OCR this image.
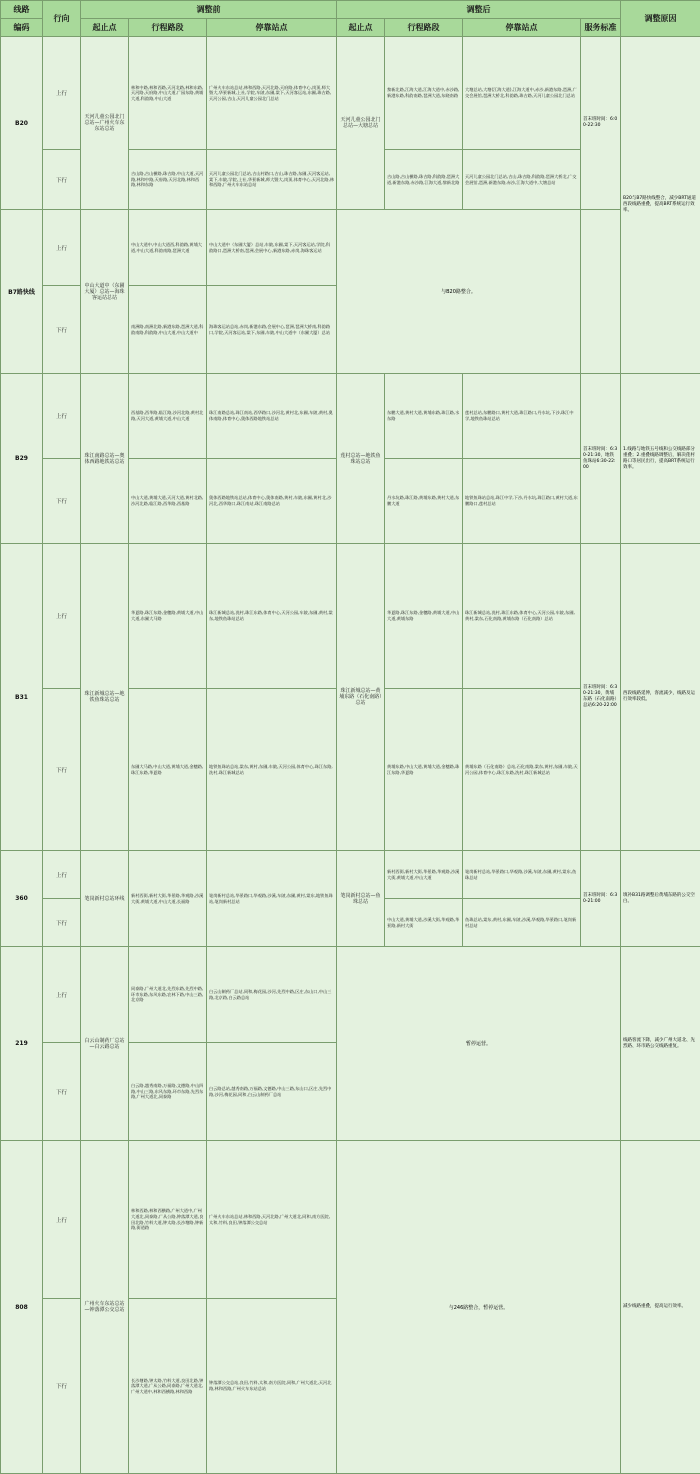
线路	行向	调整前			调整后				调整原因
编码		起止点	行程路段	停靠站点	起止点	行程路段	停靠站点	服务标准	
B20	上行	天河儿童公园北门总站—广州火车东东站总站	林和中路,林和西路,天河北路,林和东路,天河路,天府路,中山大道,广园东路,黄埔大道,科韵路,中山大道	广州火车东站总站,林和西路,天河北路,天府路,体育中心,岗顶,师大暨大,华景新城,上社,学院,车陂,东圃,棠下,天河客运站,东圃,珠吉路,天河公园,吉山,天河儿童公园北门总站	天河儿童公园北门总站—大塘总站	黎新北路,江海大道,江海大道中,赤沙路,新港东路,科韵南路,琶洲大道,东晓南路	大塘总站,大塘(江海大道),江海大道中,赤沙,新港东路,琶洲,广交会展馆,琶洲大桥北,科韵路,珠吉路,天河儿童公园北门总站	首末班时间：6:00-22:30	B20与B7路快线整合，减少BRT通道西段线路重叠，提高BRT系统运行效率。
	下行		吉山路,吉山横路,珠吉路,中山大道,天河路,林和中路,天府路,天河北路,林和西路,林和东路	天河儿童公园北门总站,吉山村路口,吉山,珠吉路,东圃,天河客运站,棠下,车陂,学院,上社,华景新城,师大暨大,岗顶,体育中心,天河北路,林和西路,广州火车东站总站		吉山路,吉山横路,珠吉路,科韵路,琶洲大道,新港东路,赤沙路,江海大道,黎新北路	天河儿童公园北门总站,吉山,珠吉路,科韵路,琶洲大桥北,广交会展馆,琶洲,新港东路,赤沙,江海大道中,大塘总站		
B7路快线	上行	中山大道中（东圃大厦）总站—海珠客运站总站	中山大道中,中山大道西,科韵路,黄埔大道,中山大道,科韵南路,琶洲大道	中山大道中（东圃大厦）总站,车陂,东圃,棠下,天河客运站,学院,科韵路口,琶洲大桥南,琶洲,会展中心,新港东路,赤岗,海珠客运站	与B20路整合。				
	下行		南洲路,南洲北路,新港东路,琶洲大道,科韵南路,科韵路,中山大道,中山大道中	海珠客运站总站,赤岗,新港东路,会展中心,琶洲,琶洲大桥南,科韵路口,学院,天河客运站,棠下,东圃,车陂,中山大道中（东圃大厦）总站					
B29	上行	珠江南路总站—奥体西路地铁站总站	西基路,西华路,临江路,沙河北路,黄村北路,天河大道,黄埔大道,中山大道	珠江南路总站,珠江南站,西华路口,沙河北,黄村北,东圃,车陂,黄村,奥体南路,体育中心,奥体西路地铁站总站	莲村总站—地铁鱼珠站总站	东鹏大道,黄村大道,黄埔东路,珠江路,水东路	莲村总站,东鹏路口,黄村大道,珠江路口,丹水坑,下沙,珠江中学,地铁鱼珠站总站	首末班时间：6:30-21:30，地铁鱼珠站6:30-22:00	1.线路与地铁五号线和公交线路部分重叠；2.重叠线路调整后，解决莲村路口等居民出行，提高BRT系统运行效率。
	下行		中山大道,黄埔大道,天河大道,黄村北路,沙河北路,临江路,西华路,西基路	奥体西路地铁站总站,体育中心,奥体南路,黄村,车陂,东圃,黄村北,沙河北,西华路口,珠江南站,珠江南路总站		丹水坑路,珠江路,黄埔东路,黄村大道,东鹏大道	地铁鱼珠站总站,珠江中学,下沙,丹水坑,珠江路口,黄村大道,东鹏路口,莲村总站		
B31	上行	珠江新城总站—地铁鱼珠站总站	华夏路,珠江东路,金穗路,黄埔大道,中山大道,东圃大马路	珠江新城总站,冼村,珠江东路,体育中心,天河公园,车陂,东圃,黄村,棠东,地铁鱼珠站总站	珠江新城总站—黄埔东路（石化南路）总站	华夏路,珠江东路,金穗路,黄埔大道,中山大道,黄埔东路	珠江新城总站,冼村,珠江东路,体育中心,天河公园,车陂,东圃,黄村,棠东,石化南路,黄埔东路（石化南路）总站	首末班时间：6:30-21:30，黄埔东路（石化南路）总站6:20-22:00	西段线路延伸，客流减少，线路及运行效率较低。
	下行		东圃大马路,中山大道,黄埔大道,金穗路,珠江东路,华夏路	地铁鱼珠站总站,棠东,黄村,东圃,车陂,天河公园,体育中心,珠江东路,冼村,珠江新城总站		黄埔东路,中山大道,黄埔大道,金穗路,珠江东路,华夏路	黄埔东路（石化南路）总站,石化南路,棠东,黄村,东圃,车陂,天河公园,体育中心,珠江东路,冼村,珠江新城总站		
360	上行	笔岗新村总站环线	新村西街,新村大街,华景路,华观路,沙溪大街,黄埔大道,中山大道,长福路	笔岗新村总站,华景路口,华观路,沙溪,车陂,东圃,黄村,棠东,地铁鱼珠站,笔岗新村总站	笔岗新村总站—鱼珠总站	新村西街,新村大街,华景路,华观路,沙溪大街,黄埔大道,中山大道	笔岗新村总站,华景路口,华观路,沙溪,车陂,东圃,黄村,棠东,鱼珠总站	首末班时间：6:30-21:00	填补B31路调整后黄埔东路的公交空白。
	下行					中山大道,黄埔大道,沙溪大街,华观路,华景路,新村大街	鱼珠总站,棠东,黄村,东圃,车陂,沙溪,华观路,华景路口,笔岗新村总站		
219	上行	白云山制药厂总站—白云路总站	同泰路,广州大道北,先烈东路,先烈中路,环市东路,东风东路,农林下路,中山三路,北京路	白云山制药厂总站,同和,梅花园,沙河,先烈中路,区庄,东山口,中山三路,北京路,白云路总站	暂停运营。				线路客流下降，减少广州大道北、先烈路、环市路公交线路重复。
	下行		白云路,越秀南路,万福路,文德路,中山四路,中山三路,东风东路,环市东路,先烈东路,广州大道北,同泰路	白云路总站,越秀南路,万福路,文德路,中山三路,东山口,区庄,先烈中路,沙河,梅花园,同和,白云山制药厂总站					
808	上行	广州火车东站总站—钟落潭公交总站	林和西路,林和西横路,广州大道中,广州大道北,同泰路,广从公路,钟落潭大道,良田北路,竹料大道,钟太路,长沙塘路,钟新路,街道路	广州火车东站总站,林和西路,天河北路,广州大道北,同和,南方医院,太和,竹料,良田,钟落潭公交总站	与246路整合，暂停运营。				减少线路重叠，提高运行效率。
	下行		长沙塘路,钟太路,竹料大道,良田北路,钟落潭大道,广从公路,同泰路,广州大道北,广州大道中,林和西横路,林和西路	钟落潭公交总站,良田,竹料,太和,南方医院,同和,广州大道北,天河北路,林和西路,广州火车东站总站					
